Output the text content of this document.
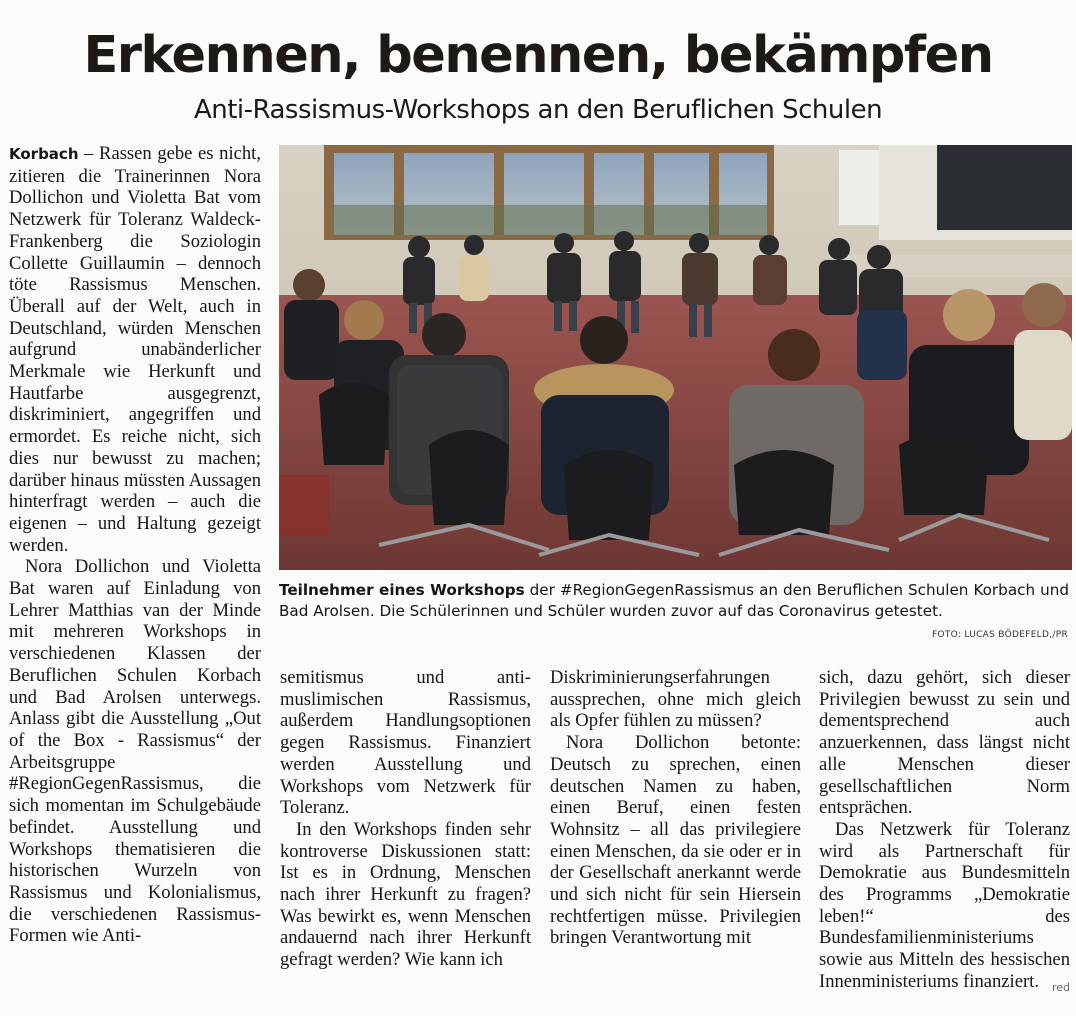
Erkennen, benennen, bekämpfen
Anti-Rassismus-Workshops an den Beruflichen Schulen

Korbach – Rassen gebe es nicht, zitieren die Trainerinnen Nora Dollichon und Violetta Bat vom Netzwerk für Toleranz Waldeck- Frankenberg die Soziologin Collette Guillaumin – dennoch töte Rassismus Menschen. Überall auf der Welt, auch in Deutschland, würden Menschen aufgrund unabänderlicher Merkmale wie Herkunft und Hautfarbe ausgegrenzt, diskriminiert, angegriffen und ermordet. Es reiche nicht, sich dies nur bewusst zu machen; darüber hinaus müssten Aussagen hinterfragt werden – auch die eigenen – und Haltung gezeigt werden.

Nora Dollichon und Violetta Bat waren auf Einladung von Lehrer Matthias van der Minde mit mehreren Workshops in verschiedenen Klassen der Beruflichen Schulen Korbach und Bad Arolsen unterwegs. Anlass gibt die Ausstellung „Out of the Box - Rassismus“ der Arbeitsgruppe #RegionGegenRassismus, die sich momentan im Schulgebäude befindet. Ausstellung und Workshops thematisieren die historischen Wurzeln von Rassismus und Kolonialismus, die verschiedenen Rassismus-Formen wie Anti-

Teilnehmer eines Workshops der #RegionGegenRassismus an den Beruflichen Schulen Korbach und Bad Arolsen. Die Schülerinnen und Schüler wurden zuvor auf das Coronavirus getestet.

FOTO: LUCAS BÖDEFELD,/PR

semitismus und anti-muslimischen Rassismus, außerdem Handlungsoptionen gegen Rassismus. Finanziert werden Ausstellung und Workshops vom Netzwerk für Toleranz.

In den Workshops finden sehr kontroverse Diskussionen statt: Ist es in Ordnung, Menschen nach ihrer Herkunft zu fragen? Was bewirkt es, wenn Menschen andauernd nach ihrer Herkunft gefragt werden? Wie kann ich

Diskriminierungserfahrungen aussprechen, ohne mich gleich als Opfer fühlen zu müssen?

Nora Dollichon betonte: Deutsch zu sprechen, einen deutschen Namen zu haben, einen Beruf, einen festen Wohnsitz – all das privilegiere einen Menschen, da sie oder er in der Gesellschaft anerkannt werde und sich nicht für sein Hiersein rechtfertigen müsse. Privilegien bringen Verantwortung mit

sich, dazu gehört, sich dieser Privilegien bewusst zu sein und dementsprechend auch anzuerkennen, dass längst nicht alle Menschen dieser gesellschaftlichen Norm entsprächen.

Das Netzwerk für Toleranz wird als Partnerschaft für Demokratie aus Bundesmitteln des Programms „Demokratie leben!“ des Bundesfamilienministeriums sowie aus Mitteln des hessischen Innenministeriums finanziert.	red
